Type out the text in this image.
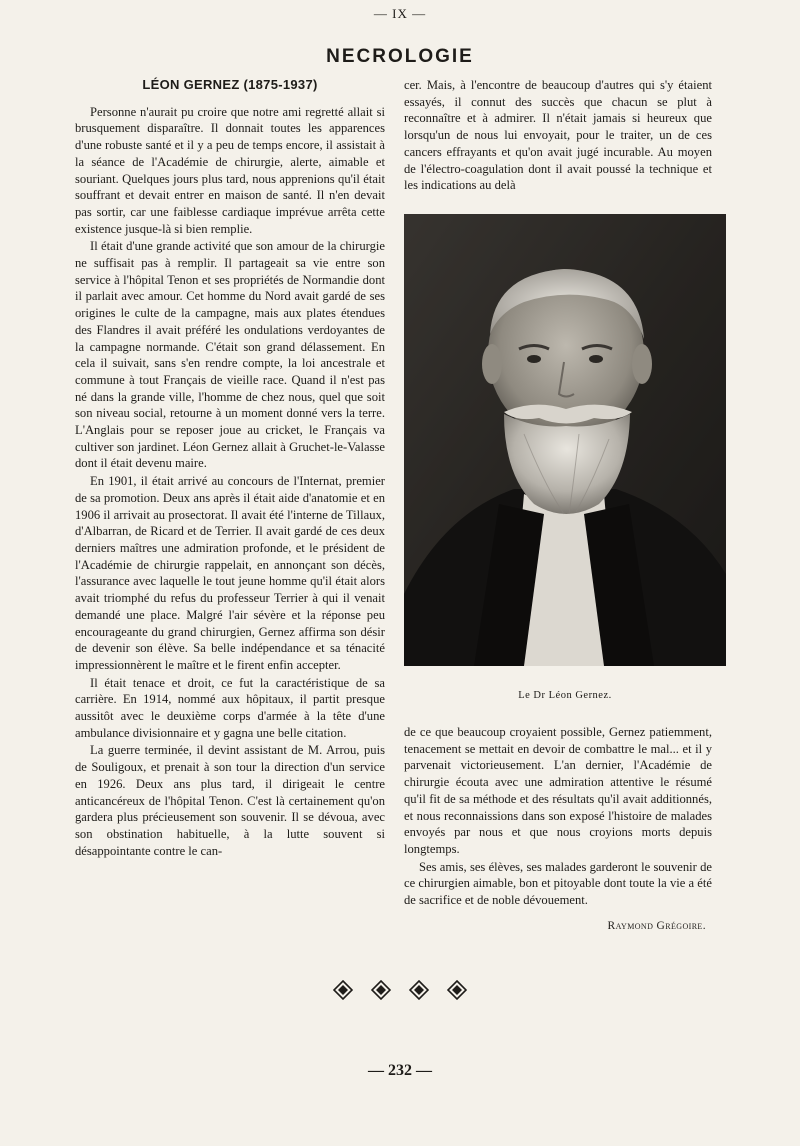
— IX —
NECROLOGIE
LÉON GERNEZ (1875-1937)

Personne n'aurait pu croire que notre ami regretté allait si brusquement disparaître. Il donnait toutes les apparences d'une robuste santé et il y a peu de temps encore, il assistait à la séance de l'Académie de chirurgie, alerte, aimable et souriant. Quelques jours plus tard, nous apprenions qu'il était souffrant et devait entrer en maison de santé. Il n'en devait pas sortir, car une faiblesse cardiaque imprévue arrêta cette existence jusque-là si bien remplie.

Il était d'une grande activité que son amour de la chirurgie ne suffisait pas à remplir. Il partageait sa vie entre son service à l'hôpital Tenon et ses propriétés de Normandie dont il parlait avec amour. Cet homme du Nord avait gardé de ses origines le culte de la campagne, mais aux plates étendues des Flandres il avait préféré les ondulations verdoyantes de la campagne normande. C'était son grand délassement. En cela il suivait, sans s'en rendre compte, la loi ancestrale et commune à tout Français de vieille race. Quand il n'est pas né dans la grande ville, l'homme de chez nous, quel que soit son niveau social, retourne à un moment donné vers la terre. L'Anglais pour se reposer joue au cricket, le Français va cultiver son jardinet. Léon Gernez allait à Gruchet-le-Valasse dont il était devenu maire.

En 1901, il était arrivé au concours de l'Internat, premier de sa promotion. Deux ans après il était aide d'anatomie et en 1906 il arrivait au prosectorat. Il avait été l'interne de Tillaux, d'Albarran, de Ricard et de Terrier. Il avait gardé de ces deux derniers maîtres une admiration profonde, et le président de l'Académie de chirurgie rappelait, en annonçant son décès, l'assurance avec laquelle le tout jeune homme qu'il était alors avait triomphé du refus du professeur Terrier à qui il venait demandé une place. Malgré l'air sévère et la réponse peu encourageante du grand chirurgien, Gernez affirma son désir de devenir son élève. Sa belle indépendance et sa ténacité impressionnèrent le maître et le firent enfin accepter.

Il était tenace et droit, ce fut la caractéristique de sa carrière. En 1914, nommé aux hôpitaux, il partit presque aussitôt avec le deuxième corps d'armée à la tête d'une ambulance divisionnaire et y gagna une belle citation.

La guerre terminée, il devint assistant de M. Arrou, puis de Souligoux, et prenait à son tour la direction d'un service en 1926. Deux ans plus tard, il dirigeait le centre anticancéreux de l'hôpital Tenon. C'est là certainement qu'on gardera plus précieusement son souvenir. Il se dévoua, avec son obstination habituelle, à la lutte souvent si désappointante contre le can-

cer. Mais, à l'encontre de beaucoup d'autres qui s'y étaient essayés, il connut des succès que chacun se plut à reconnaître et à admirer. Il n'était jamais si heureux que lorsqu'un de nous lui envoyait, pour le traiter, un de ces cancers effrayants et qu'on avait jugé incurable. Au moyen de l'électro-coagulation dont il avait poussé la technique et les indications au delà

Le Dr Léon Gernez.

de ce que beaucoup croyaient possible, Gernez patiemment, tenacement se mettait en devoir de combattre le mal... et il y parvenait victorieusement. L'an dernier, l'Académie de chirurgie écouta avec une admiration attentive le résumé qu'il fit de sa méthode et des résultats qu'il avait additionnés, et nous reconnaissions dans son exposé l'histoire de malades envoyés par nous et que nous croyions morts depuis longtemps.

Ses amis, ses élèves, ses malades garderont le souvenir de ce chirurgien aimable, bon et pitoyable dont toute la vie a été de sacrifice et de noble dévouement.

Raymond Grégoire.
— 232 —
